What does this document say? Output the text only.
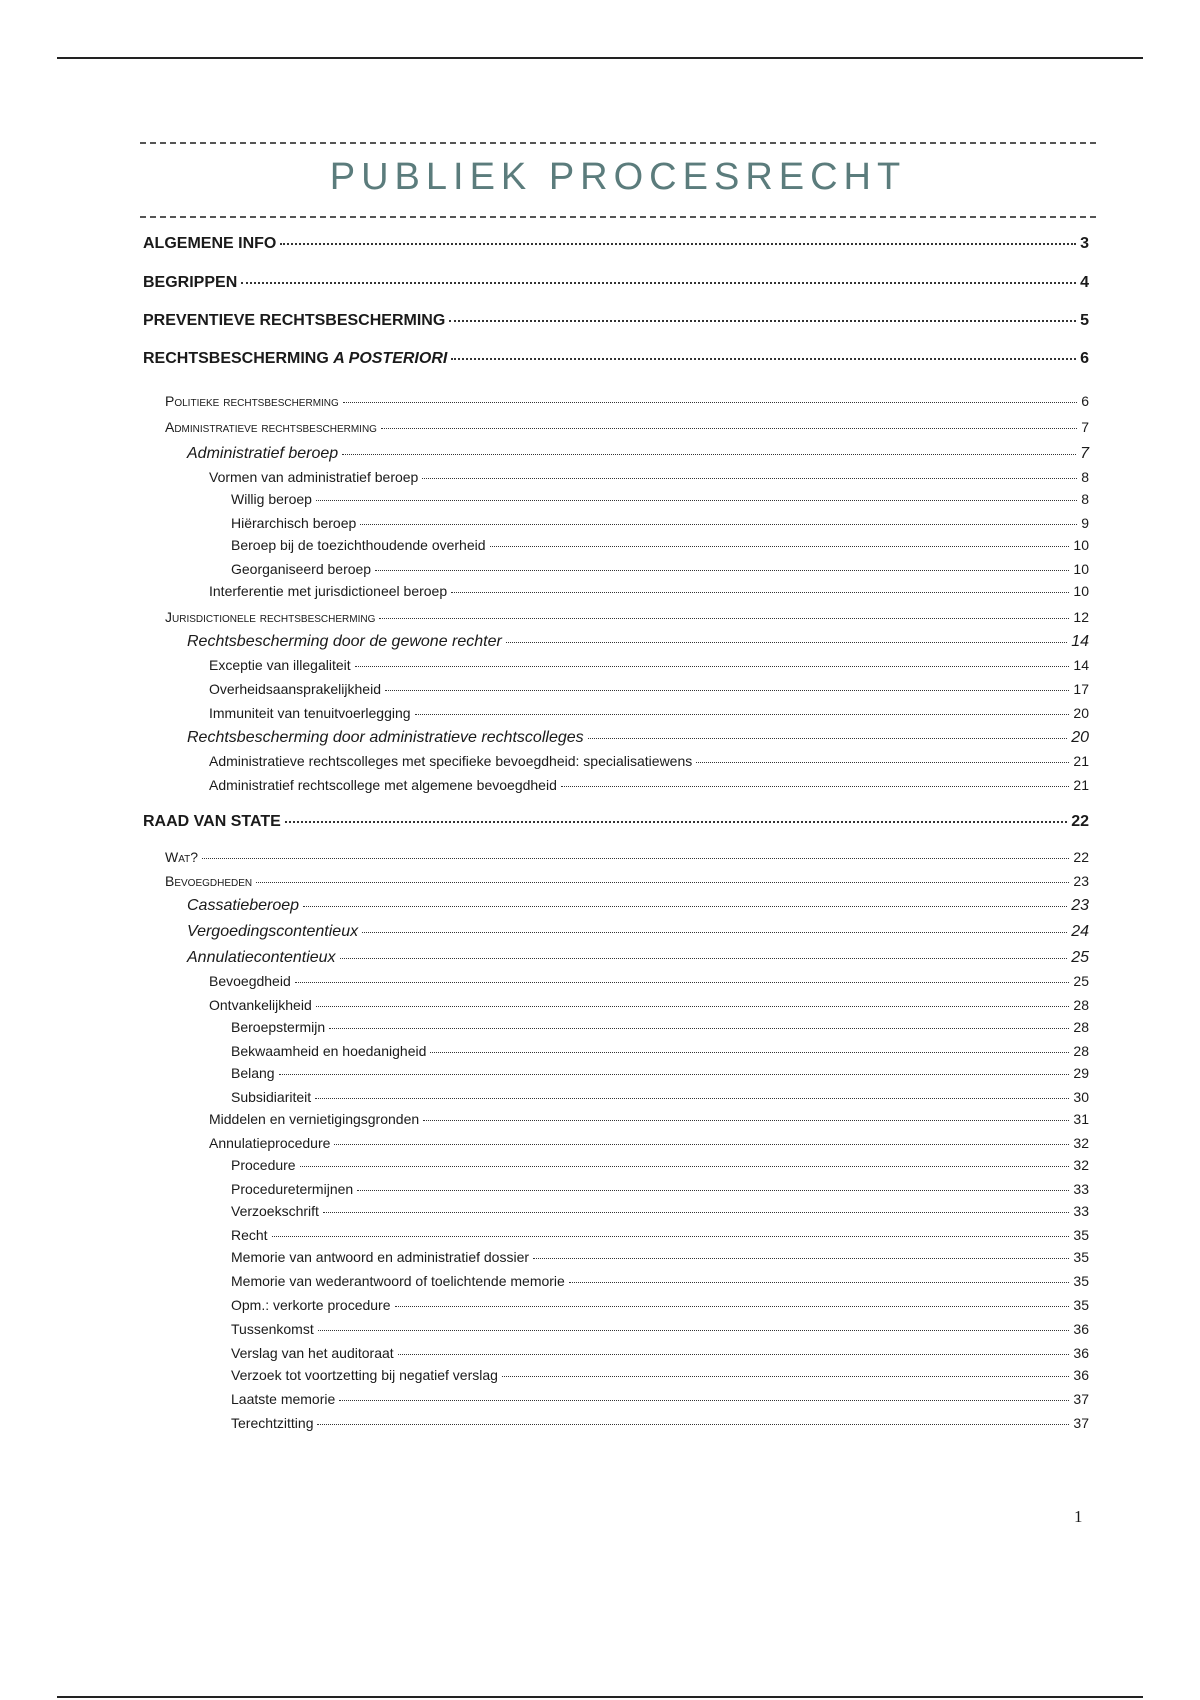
PUBLIEK PROCESRECHT
ALGEMENE INFO	3
BEGRIPPEN	4
PREVENTIEVE RECHTSBESCHERMING	5
RECHTSBESCHERMING A POSTERIORI	6
Politieke rechtsbescherming	6
Administratieve rechtsbescherming	7
Administratief beroep	7
Vormen van administratief beroep	8
Willig beroep	8
Hiërarchisch beroep	9
Beroep bij de toezichthoudende overheid	10
Georganiseerd beroep	10
Interferentie met jurisdictioneel beroep	10
Jurisdictionele rechtsbescherming	12
Rechtsbescherming door de gewone rechter	14
Exceptie van illegaliteit	14
Overheidsaansprakelijkheid	17
Immuniteit van tenuitvoerlegging	20
Rechtsbescherming door administratieve rechtscolleges	20
Administratieve rechtscolleges met specifieke bevoegdheid: specialisatiewens	21
Administratief rechtscollege met algemene bevoegdheid	21
RAAD VAN STATE	22
Wat?	22
Bevoegdheden	23
Cassatieberoep	23
Vergoedingscontentieux	24
Annulatiecontentieux	25
Bevoegdheid	25
Ontvankelijkheid	28
Beroepstermijn	28
Bekwaamheid en hoedanigheid	28
Belang	29
Subsidiariteit	30
Middelen en vernietigingsgronden	31
Annulatieprocedure	32
Procedure	32
Proceduretermijnen	33
Verzoekschrift	33
Recht	35
Memorie van antwoord en administratief dossier	35
Memorie van wederantwoord of toelichtende memorie	35
Opm.: verkorte procedure	35
Tussenkomst	36
Verslag van het auditoraat	36
Verzoek tot voortzetting bij negatief verslag	36
Laatste memorie	37
Terechtzitting	37
1
